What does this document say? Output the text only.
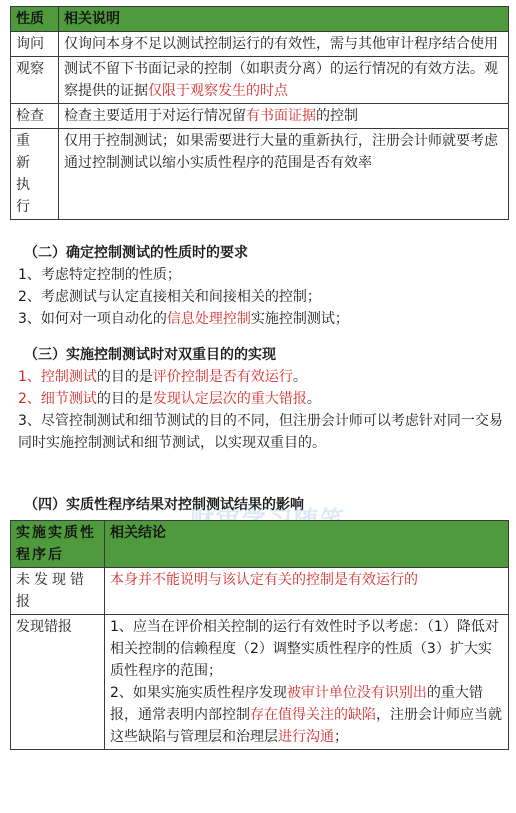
性质	相关说明
询问	仅询问本身不足以测试控制运行的有效性，需与其他审计程序结合使用
观察	测试不留下书面记录的控制（如职责分离）的运行情况的有效方法。观察提供的证据仅限于观察发生的时点
检查	检查主要适用于对运行情况留有书面证据的控制
重新执行	仅用于控制测试；如果需要进行大量的重新执行，注册会计师就要考虑通过控制测试以缩小实质性程序的范围是否有效率

（二）确定控制测试的性质时的要求

1、考虑特定控制的性质；

2、考虑测试与认定直接相关和间接相关的控制；

3、如何对一项自动化的信息处理控制实施控制测试；

（三）实施控制测试时对双重目的的实现

1、控制测试的目的是评价控制是否有效运行。

2、细节测试的目的是发现认定层次的重大错报。

3、尽管控制测试和细节测试的目的不同，但注册会计师可以考虑针对同一交易同时实施控制测试和细节测试，以实现双重目的。

（四）实质性程序结果对控制测试结果的影响

实施实质性程序后	相关结论
未发现错报	本身并不能说明与该认定有关的控制是有效运行的
发现错报	1、应当在评价相关控制的运行有效性时予以考虑：（1）降低对相关控制的信赖程度（2）调整实质性程序的性质（3）扩大实质性程序的范围；
2、如果实施实质性程序发现被审计单位没有识别出的重大错报，通常表明内部控制存在值得关注的缺陷，注册会计师应当就这些缺陷与管理层和治理层进行沟通；
